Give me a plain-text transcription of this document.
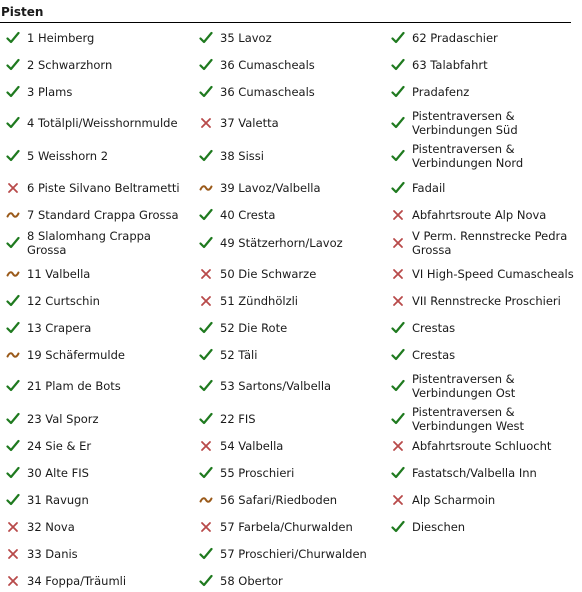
Pisten
1 Heimberg
2 Schwarzhorn
3 Plams
4 Totälpli/Weisshornmulde
5 Weisshorn 2
6 Piste Silvano Beltrametti
7 Standard Crappa Grossa
8 Slalomhang Crappa Grossa
11 Valbella
12 Curtschin
13 Crapera
19 Schäfermulde
21 Plam de Bots
23 Val Sporz
24 Sie & Er
30 Alte FIS
31 Ravugn
32 Nova
33 Danis
34 Foppa/Träumli
35 Lavoz
36 Cumascheals
36 Cumascheals
37 Valetta
38 Sissi
39 Lavoz/Valbella
40 Cresta
49 Stätzerhorn/Lavoz
50 Die Schwarze
51 Zündhölzli
52 Die Rote
52 Täli
53 Sartons/Valbella
22 FIS
54 Valbella
55 Proschieri
56 Safari/Riedboden
57 Farbela/Churwalden
57 Proschieri/Churwalden
58 Obertor
62 Pradaschier
63 Talabfahrt
Pradafenz
Pistentraversen & Verbindungen Süd
Pistentraversen & Verbindungen Nord
Fadail
Abfahrtsroute Alp Nova
V Perm. Rennstrecke Pedra Grossa
VI High-Speed Cumascheals
VII Rennstrecke Proschieri
Crestas
Crestas
Pistentraversen & Verbindungen Ost
Pistentraversen & Verbindungen West
Abfahrtsroute Schluocht
Fastatsch/Valbella Inn
Alp Scharmoin
Dieschen
